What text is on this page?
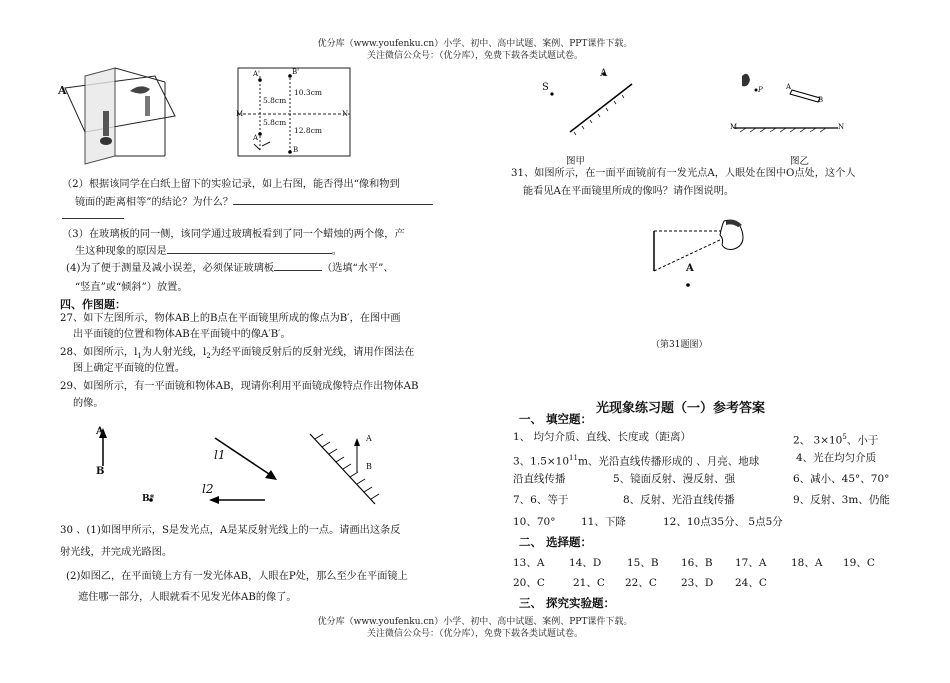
优分库（www.youfenku.cn）小学、初中、高中试题、案例、PPT课件下载。
关注微信公众号：（优分库），免费下载各类试题试卷。
A
A'	B'
M	N
5.8cm
10.3cm
5.8cm
12.8cm
A
B
（2）根据该同学在白纸上留下的实验记录，如上右图，能否得出“像和物到
镜面的距离相等”的结论？为什么？
（3）在玻璃板的同一侧，该同学通过玻璃板看到了同一个蜡烛的两个像，产
生这种现象的原因是	。
(4)为了便于测量及减小误差，必须保证玻璃板	（选填“水平”、
“竖直”或“倾斜”）放置。
四、作图题：
27、如下左图所示，物体AB上的B点在平面镜里所成的像点为B′，在图中画
出平面镜的位置和物体AB在平面镜中的像A′B′。
28、如图所示，$l_1$为人射光线，$l_2$为经平面镜反射后的反射光线，请用作图法在
图上确定平面镜的位置。
29、如图所示，有一平面镜和物体AB，现请你利用平面镜成像特点作出物体AB
的像。
A
B
B*
l1
l2
A
B
30 、(1)如图甲所示，S是发光点，A是某反射光线上的一点。请画出这条反
射光线，并完成光路图。
(2)如图乙，在平面镜上方有一发光体AB，人眼在P处，那么至少在平面镜上
遮住哪一部分，人眼就看不见发光体AB的像了。
S
A
P	A
B
M	N
图甲	图乙
31、如图所示，在一面平面镜前有一发光点A，人眼处在图中O点处，这个人
能看见A在平面镜里所成的像吗？请作图说明。
A
（第31题图）
光现象练习题（一）参考答案
一、 填空题：
1、 均匀介质、直线、长度或（距离）	2、 $3\times 10^5$、小于
3、$1.5\times 10^{11}m$、光沿直线传播形成的 、月亮、地球	4、光在均匀介质
沿直线传播	5、镜面反射、漫反射、强	6、减小、45°、70°
7、6、等于	8、反射、光沿直线传播	9、反射、3m、仍能
10、70° 11、下降	12、10点35分、 5点5分
二、 选择题：
13、A 14、D 15、B 16、B 17、A 18、A 19、C
20、C	21、C 22、C 23、D 24、C
三、 探究实验题：
优分库（www.youfenku.cn）小学、初中、高中试题、案例、PPT课件下载。
关注微信公众号：（优分库），免费下载各类试题试卷。
